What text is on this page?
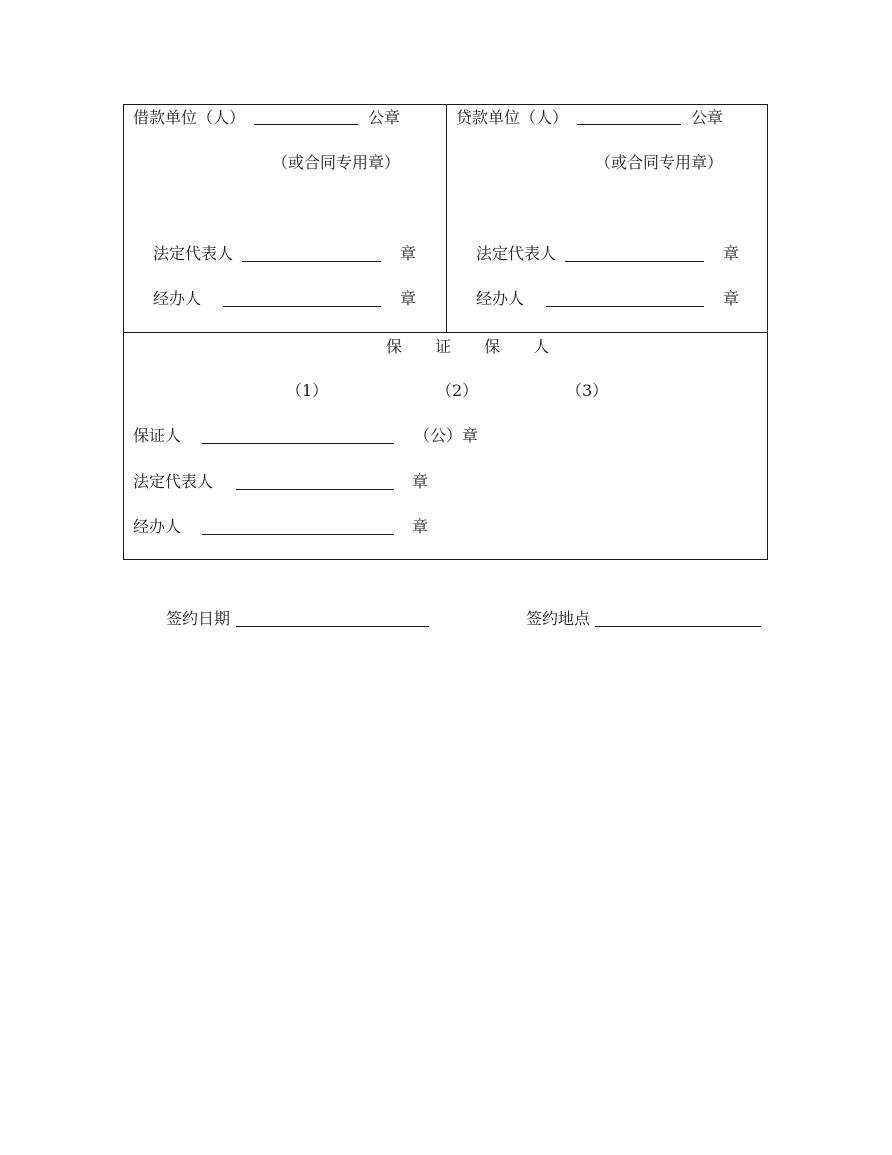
借款单位（人）	公章
（或合同专用章）
法定代表人	章
经办人	章
贷款单位（人）	公章
（或合同专用章）
法定代表人	章
经办人	章
保 证 保 人
（1）	（2）	（3）
保证人	（公）章
法定代表人	章
经办人	章
签约日期	签约地点
